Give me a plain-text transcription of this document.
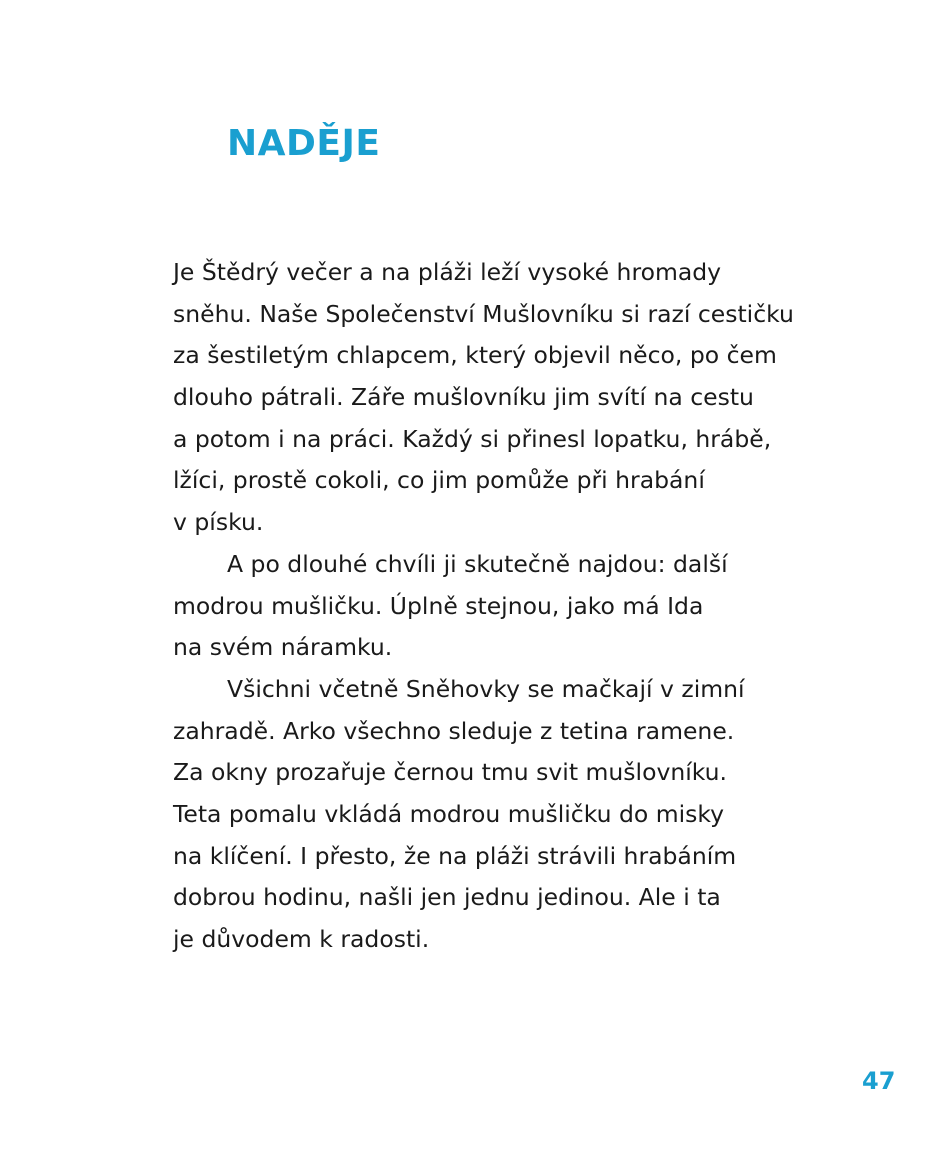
NADĚJE
Je Štědrý večer a na pláži leží vysoké hromady
sněhu. Naše Společenství Mušlovníku si razí cestičku
za šestiletým chlapcem, který objevil něco, po čem
dlouho pátrali. Záře mušlovníku jim svítí na cestu
a potom i na práci. Každý si přinesl lopatku, hrábě,
lžíci, prostě cokoli, co jim pomůže při hrabání
v písku.
A po dlouhé chvíli ji skutečně najdou: další
modrou mušličku. Úplně stejnou, jako má Ida
na svém náramku.
Všichni včetně Sněhovky se mačkají v zimní
zahradě. Arko všechno sleduje z tetina ramene.
Za okny prozařuje černou tmu svit mušlovníku.
Teta pomalu vkládá modrou mušličku do misky
na klíčení. I přesto, že na pláži strávili hrabáním
dobrou hodinu, našli jen jednu jedinou. Ale i ta
je důvodem k radosti.
47
